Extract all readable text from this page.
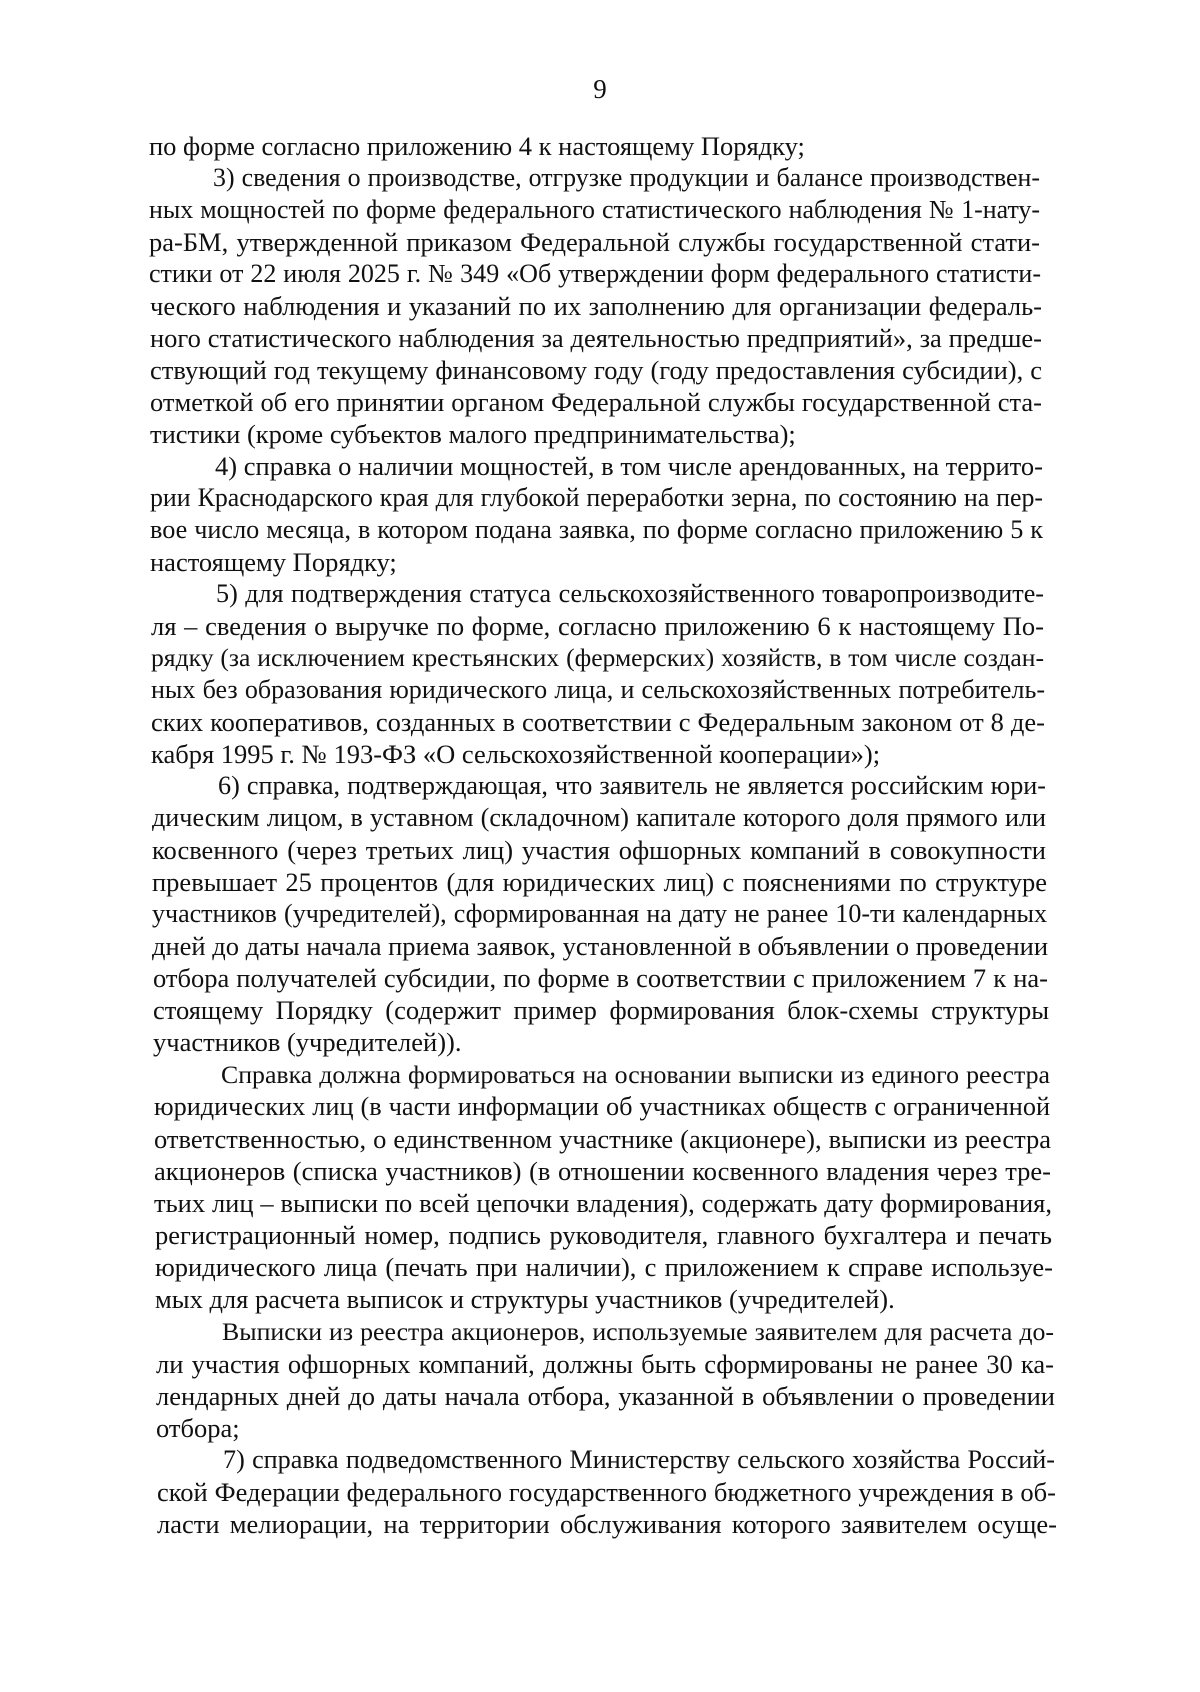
9
по форме согласно приложению 4 к настоящему Порядку;
3) сведения о производстве, отгрузке продукции и балансе производствен-
ных мощностей по форме федерального статистического наблюдения № 1-нату-
ра-БМ, утвержденной приказом Федеральной службы государственной стати-
стики от 22 июля 2025 г. № 349 «Об утверждении форм федерального статисти-
ческого наблюдения и указаний по их заполнению для организации федераль-
ного статистического наблюдения за деятельностью предприятий», за предше-
ствующий год текущему финансовому году (году предоставления субсидии), с
отметкой об его принятии органом Федеральной службы государственной ста-
тистики (кроме субъектов малого предпринимательства);
4) справка о наличии мощностей, в том числе арендованных, на террито-
рии Краснодарского края для глубокой переработки зерна, по состоянию на пер-
вое число месяца, в котором подана заявка, по форме согласно приложению 5 к
настоящему Порядку;
5) для подтверждения статуса сельскохозяйственного товаропроизводите-
ля – сведения о выручке по форме, согласно приложению 6 к настоящему По-
рядку (за исключением крестьянских (фермерских) хозяйств, в том числе создан-
ных без образования юридического лица, и сельскохозяйственных потребитель-
ских кооперативов, созданных в соответствии с Федеральным законом от 8 де-
кабря 1995 г. № 193-ФЗ «О сельскохозяйственной кооперации»);
6) справка, подтверждающая, что заявитель не является российским юри-
дическим лицом, в уставном (складочном) капитале которого доля прямого или
косвенного (через третьих лиц) участия офшорных компаний в совокупности
превышает 25 процентов (для юридических лиц) с пояснениями по структуре
участников (учредителей), сформированная на дату не ранее 10-ти календарных
дней до даты начала приема заявок, установленной в объявлении о проведении
отбора получателей субсидии, по форме в соответствии с приложением 7 к на-
стоящему Порядку (содержит пример формирования блок-схемы структуры
участников (учредителей)).
Справка должна формироваться на основании выписки из единого реестра
юридических лиц (в части информации об участниках обществ с ограниченной
ответственностью, о единственном участнике (акционере), выписки из реестра
акционеров (списка участников) (в отношении косвенного владения через тре-
тьих лиц – выписки по всей цепочки владения), содержать дату формирования,
регистрационный номер, подпись руководителя, главного бухгалтера и печать
юридического лица (печать при наличии), с приложением к справе используе-
мых для расчета выписок и структуры участников (учредителей).
Выписки из реестра акционеров, используемые заявителем для расчета до-
ли участия офшорных компаний, должны быть сформированы не ранее 30 ка-
лендарных дней до даты начала отбора, указанной в объявлении о проведении
отбора;
7) справка подведомственного Министерству сельского хозяйства Россий-
ской Федерации федерального государственного бюджетного учреждения в об-
ласти мелиорации, на территории обслуживания которого заявителем осуще-
